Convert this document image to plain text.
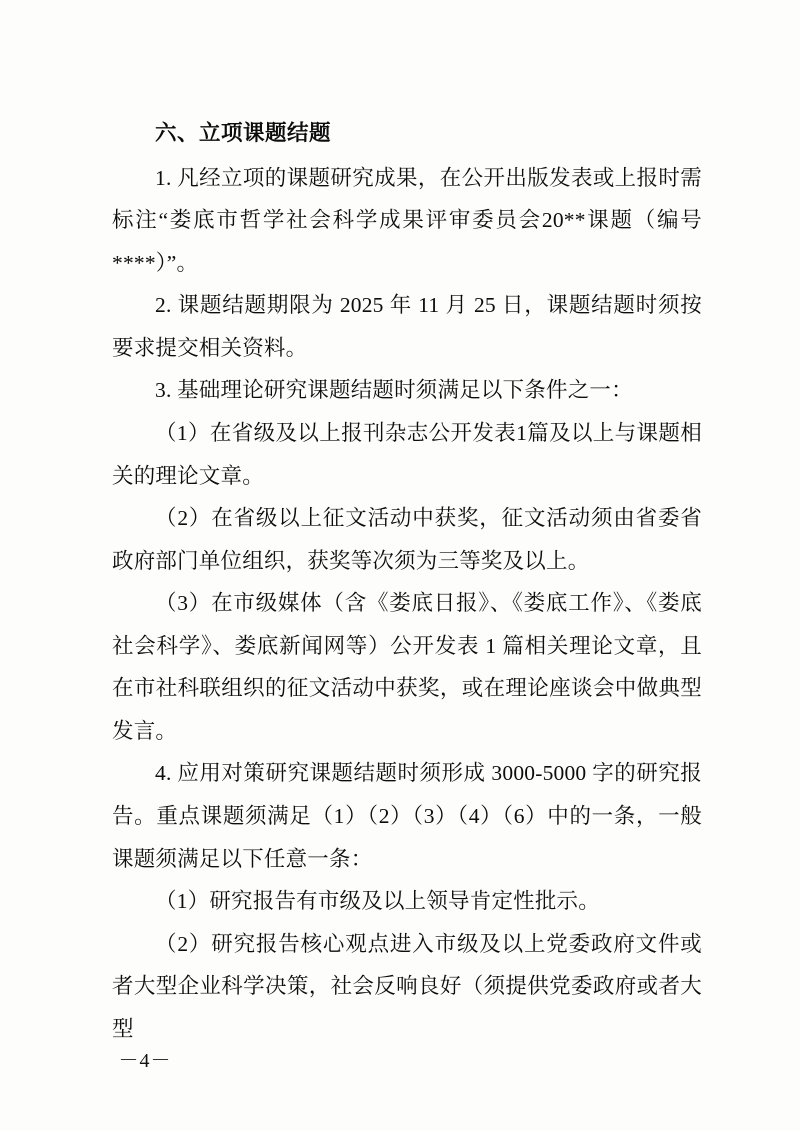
六、立项课题结题

1. 凡经立项的课题研究成果，在公开出版发表或上报时需标注“娄底市哲学社会科学成果评审委员会20**课题（编号****）”。

2. 课题结题期限为 2025 年 11 月 25 日，课题结题时须按要求提交相关资料。

3. 基础理论研究课题结题时须满足以下条件之一：

（1）在省级及以上报刊杂志公开发表1篇及以上与课题相关的理论文章。

（2）在省级以上征文活动中获奖，征文活动须由省委省政府部门单位组织，获奖等次须为三等奖及以上。

（3）在市级媒体（含《娄底日报》、《娄底工作》、《娄底社会科学》、娄底新闻网等）公开发表 1 篇相关理论文章，且在市社科联组织的征文活动中获奖，或在理论座谈会中做典型发言。

4. 应用对策研究课题结题时须形成 3000-5000 字的研究报告。重点课题须满足（1）（2）（3）（4）（6）中的一条，一般课题须满足以下任意一条：

（1）研究报告有市级及以上领导肯定性批示。

（2）研究报告核心观点进入市级及以上党委政府文件或者大型企业科学决策，社会反响良好（须提供党委政府或者大型

－4－
